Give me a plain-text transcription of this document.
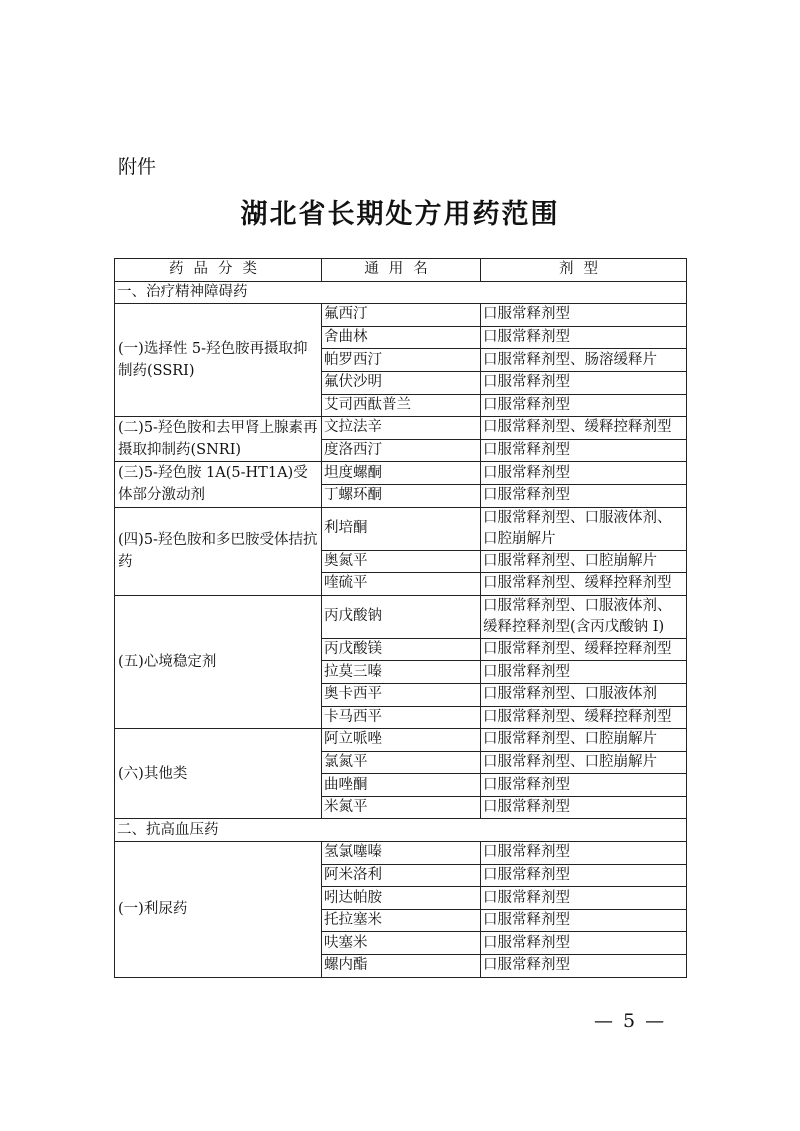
附件
湖北省长期处方用药范围
药品分类	通用名	剂型
一、治疗精神障碍药		
(一)选择性 5-羟色胺再摄取抑制药(SSRI)	氟西汀	口服常释剂型
	舍曲林	口服常释剂型
	帕罗西汀	口服常释剂型、肠溶缓释片
	氟伏沙明	口服常释剂型
	艾司西酞普兰	口服常释剂型
(二)5-羟色胺和去甲肾上腺素再摄取抑制药(SNRI)	文拉法辛	口服常释剂型、缓释控释剂型
	度洛西汀	口服常释剂型
(三)5-羟色胺 1A(5-HT1A)受体部分激动剂	坦度螺酮	口服常释剂型
	丁螺环酮	口服常释剂型
(四)5-羟色胺和多巴胺受体拮抗药	利培酮	口服常释剂型、口服液体剂、口腔崩解片
	奥氮平	口服常释剂型、口腔崩解片
	喹硫平	口服常释剂型、缓释控释剂型
(五)心境稳定剂	丙戊酸钠	口服常释剂型、口服液体剂、缓释控释剂型(含丙戊酸钠 I)
	丙戊酸镁	口服常释剂型、缓释控释剂型
	拉莫三嗪	口服常释剂型
	奥卡西平	口服常释剂型、口服液体剂
	卡马西平	口服常释剂型、缓释控释剂型
(六)其他类	阿立哌唑	口服常释剂型、口腔崩解片
	氯氮平	口服常释剂型、口腔崩解片
	曲唑酮	口服常释剂型
	米氮平	口服常释剂型
二、抗高血压药		
(一)利尿药	氢氯噻嗪	口服常释剂型
	阿米洛利	口服常释剂型
	吲达帕胺	口服常释剂型
	托拉塞米	口服常释剂型
	呋塞米	口服常释剂型
	螺内酯	口服常释剂型
— 5 —
